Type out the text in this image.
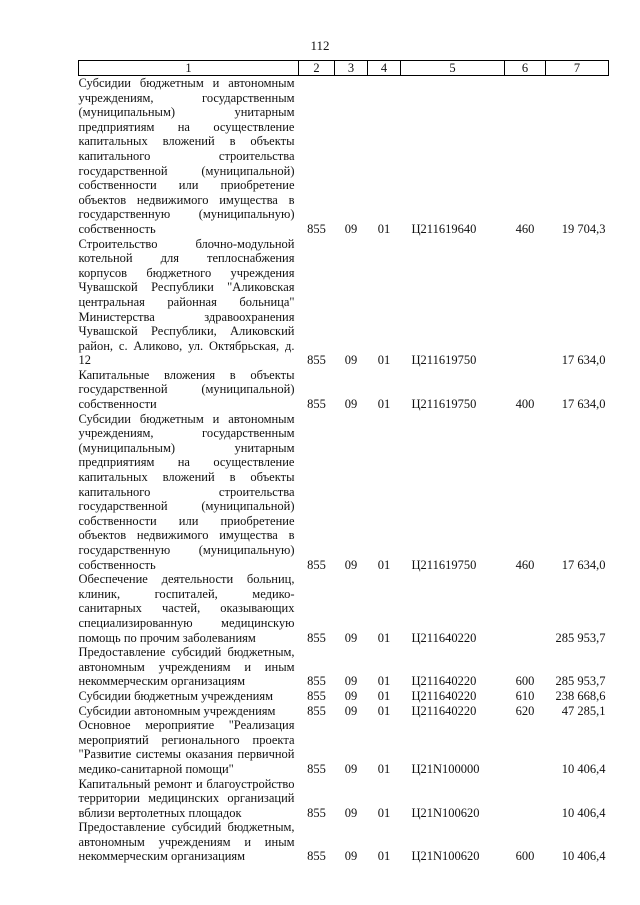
112
1	2	3	4	5	6	7
Субсидии бюджетным и автономным учреждениям, государственным (муниципальным) унитарным предприятиям на осуществление капитальных вложений в объекты капитального строительства государственной (муниципальной) собственности или приобретение объектов недвижимого имущества в государственную (муниципальную) собственность	855	09	01	Ц211619640	460	19 704,3
Строительство блочно-модульной котельной для теплоснабжения корпусов бюджетного учреждения Чувашской Республики "Аликовская центральная районная больница" Министерства здравоохранения Чувашской Республики, Аликовский район, с. Аликово, ул. Октябрьская, д. 12	855	09	01	Ц211619750		17 634,0
Капитальные вложения в объекты государственной (муниципальной) собственности	855	09	01	Ц211619750	400	17 634,0
Субсидии бюджетным и автономным учреждениям, государственным (муниципальным) унитарным предприятиям на осуществление капитальных вложений в объекты капитального строительства государственной (муниципальной) собственности или приобретение объектов недвижимого имущества в государственную (муниципальную) собственность	855	09	01	Ц211619750	460	17 634,0
Обеспечение деятельности больниц, клиник, госпиталей, медико-санитарных частей, оказывающих специализированную медицинскую помощь по прочим заболеваниям	855	09	01	Ц211640220		285 953,7
Предоставление субсидий бюджетным, автономным учреждениям и иным некоммерческим организациям	855	09	01	Ц211640220	600	285 953,7
Субсидии бюджетным учреждениям	855	09	01	Ц211640220	610	238 668,6
Субсидии автономным учреждениям	855	09	01	Ц211640220	620	47 285,1
Основное мероприятие "Реализация мероприятий регионального проекта "Развитие системы оказания первичной медико-санитарной помощи"	855	09	01	Ц21N100000		10 406,4
Капитальный ремонт и благоустройство территории медицинских организаций вблизи вертолетных площадок	855	09	01	Ц21N100620		10 406,4
Предоставление субсидий бюджетным, автономным учреждениям и иным некоммерческим организациям	855	09	01	Ц21N100620	600	10 406,4
